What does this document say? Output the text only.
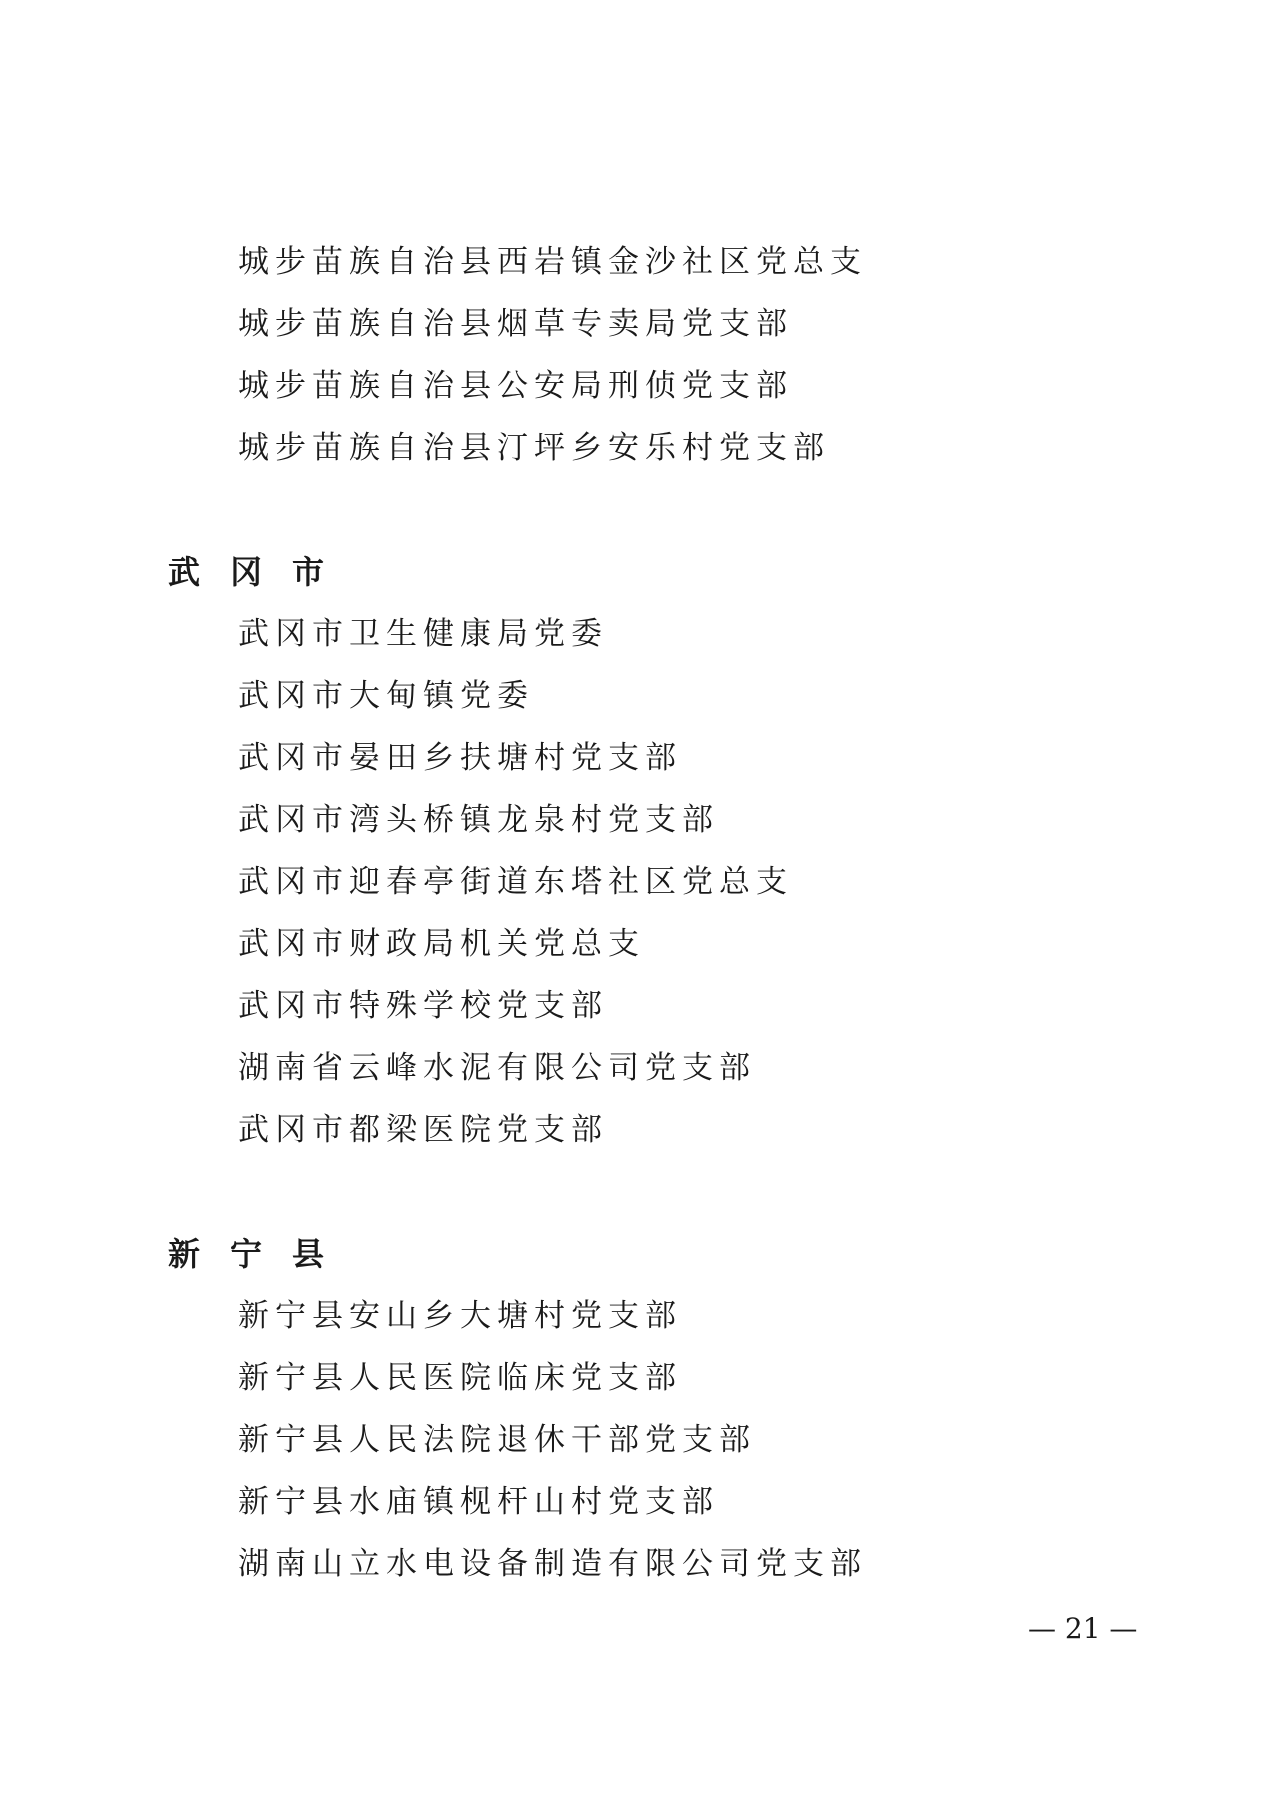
城步苗族自治县西岩镇金沙社区党总支
城步苗族自治县烟草专卖局党支部
城步苗族自治县公安局刑侦党支部
城步苗族自治县汀坪乡安乐村党支部
武冈市
武冈市卫生健康局党委
武冈市大甸镇党委
武冈市晏田乡扶塘村党支部
武冈市湾头桥镇龙泉村党支部
武冈市迎春亭街道东塔社区党总支
武冈市财政局机关党总支
武冈市特殊学校党支部
湖南省云峰水泥有限公司党支部
武冈市都梁医院党支部
新宁县
新宁县安山乡大塘村党支部
新宁县人民医院临床党支部
新宁县人民法院退休干部党支部
新宁县水庙镇枧杆山村党支部
湖南山立水电设备制造有限公司党支部
— 21 —
